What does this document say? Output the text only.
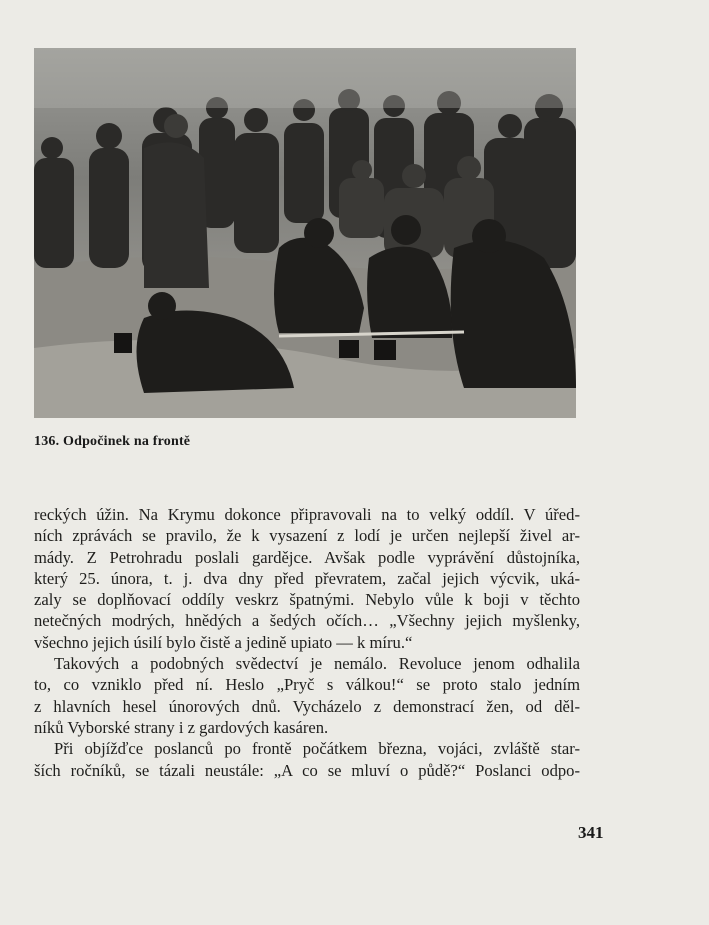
136. Odpočinek na frontě
reckých úžin. Na Krymu dokonce připravovali na to velký oddíl. V úřed-
ních zprávách se pravilo, že k vysazení z lodí je určen nejlepší živel ar-
mády. Z Petrohradu poslali gardějce. Avšak podle vyprávění důstojníka,
který 25. února, t. j. dva dny před převratem, začal jejich výcvik, uká-
zaly se doplňovací oddíly veskrz špatnými. Nebylo vůle k boji v těchto
netečných modrých, hnědých a šedých očích… „Všechny jejich myšlenky,
všechno jejich úsilí bylo čistě a jedině upiato — k míru.“
Takových a podobných svědectví je nemálo. Revoluce jenom odhalila
to, co vzniklo před ní. Heslo „Pryč s válkou!“ se proto stalo jedním
z hlavních hesel únorových dnů. Vycházelo z demonstrací žen, od děl-
níků Vyborské strany i z gardových kasáren.
Při objížďce poslanců po frontě počátkem března, vojáci, zvláště star-
ších ročníků, se tázali neustále: „A co se mluví o půdě?“ Poslanci odpo-
341
